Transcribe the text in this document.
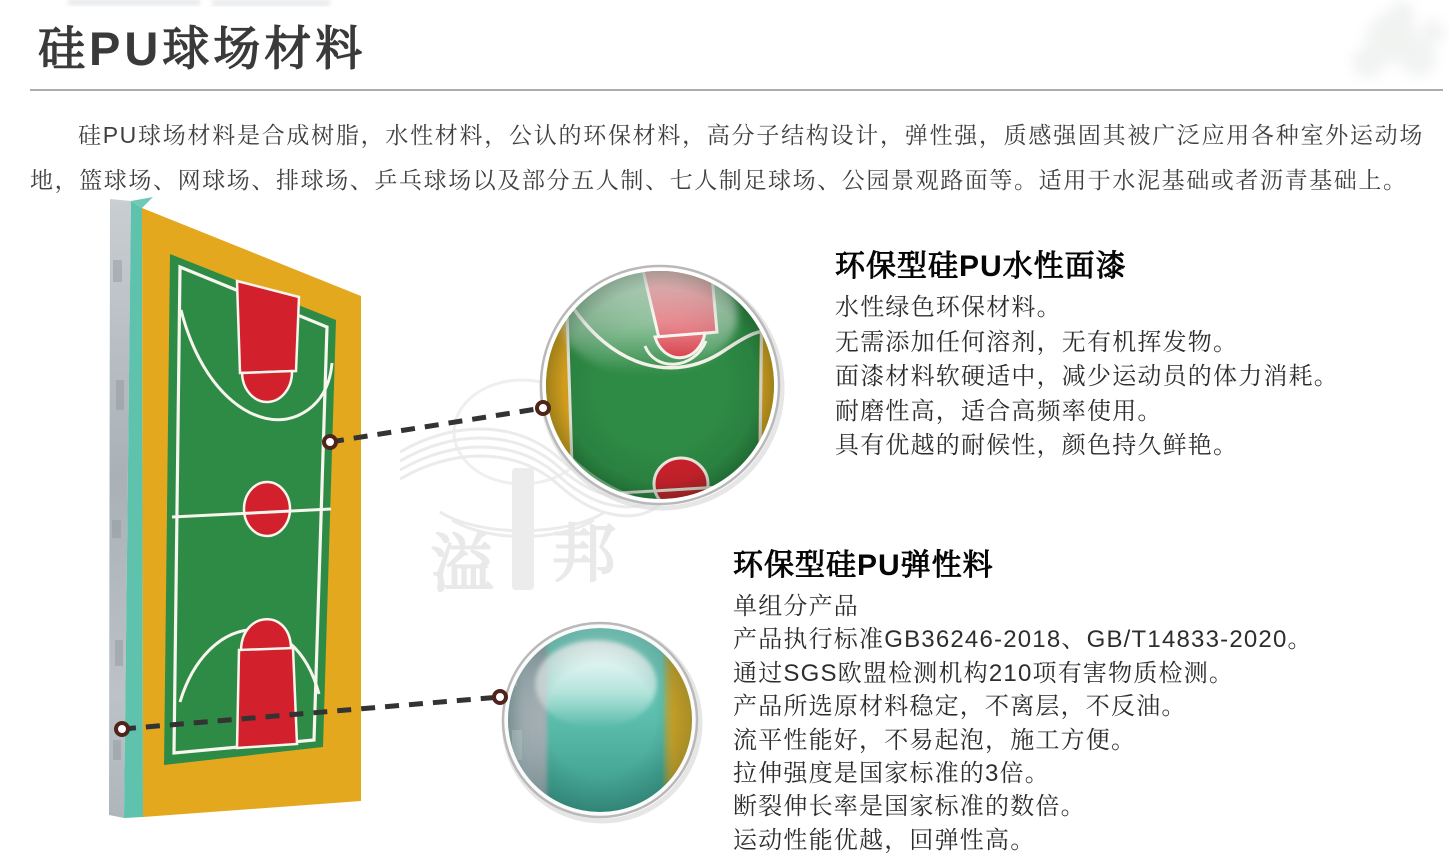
硅PU球场材料

硅PU球场材料是合成树脂，水性材料，公认的环保材料，高分子结构设计，弹性强，质感强固其被广泛应用各种室外运动场地，篮球场、网球场、排球场、乒乓球场以及部分五人制、七人制足球场、公园景观路面等。适用于水泥基础或者沥青基础上。

溢 邦
环保型硅PU水性面漆
水性绿色环保材料。
无需添加任何溶剂，无有机挥发物。
面漆材料软硬适中，减少运动员的体力消耗。
耐磨性高，适合高频率使用。
具有优越的耐候性，颜色持久鲜艳。
环保型硅PU弹性料
单组分产品
产品执行标准GB36246-2018、GB/T14833-2020。
通过SGS欧盟检测机构210项有害物质检测。
产品所选原材料稳定，不离层，不反油。
流平性能好，不易起泡，施工方便。
拉伸强度是国家标准的3倍。
断裂伸长率是国家标准的数倍。
运动性能优越，回弹性高。
